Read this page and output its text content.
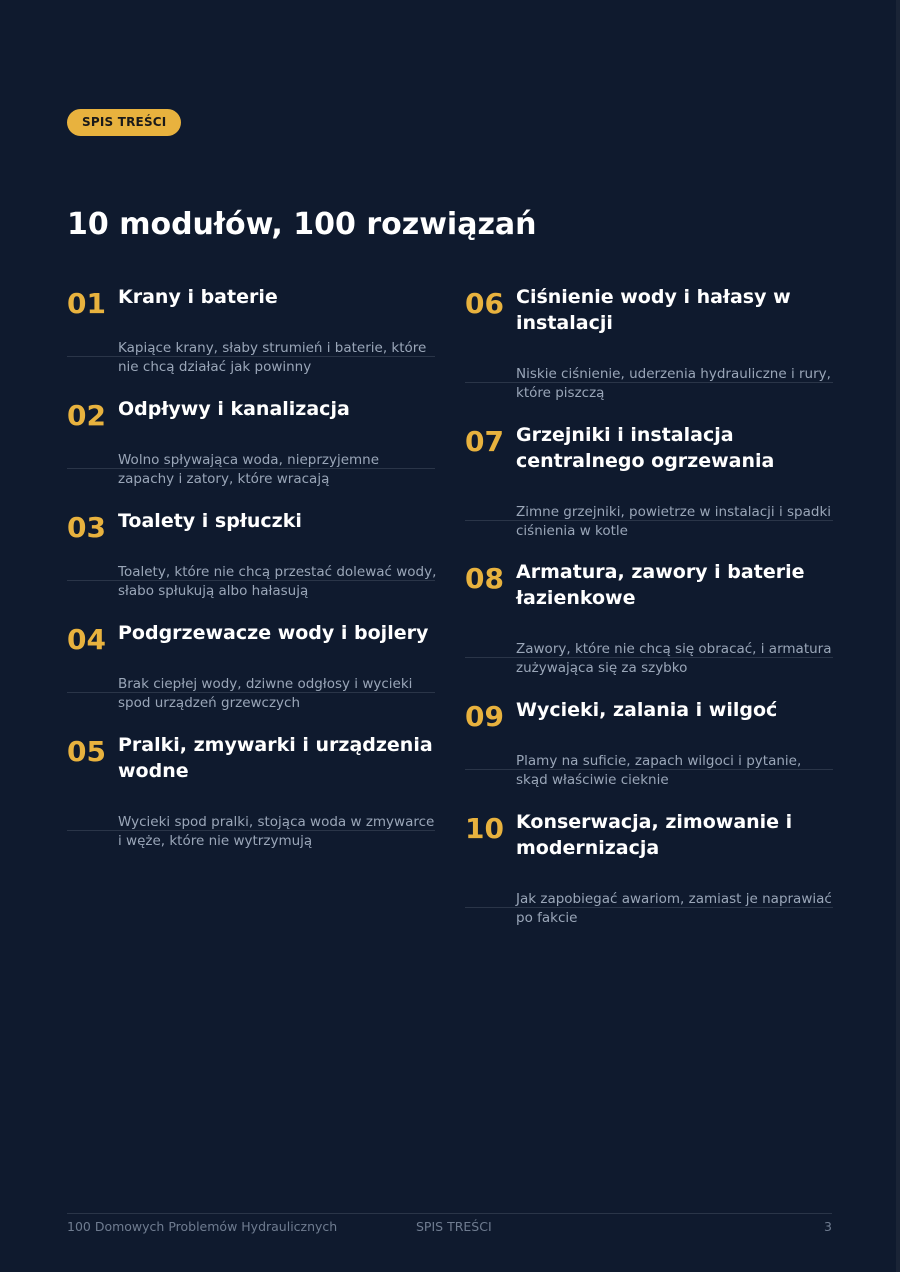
SPIS TREŚCI
10 modułów, 100 rozwiązań
01 Krany i baterie
Kapiące krany, słaby strumień i baterie, które nie chcą działać jak powinny
02 Odpływy i kanalizacja
Wolno spływająca woda, nieprzyjemne zapachy i zatory, które wracają
03 Toalety i spłuczki
Toalety, które nie chcą przestać dolewać wody, słabo spłukują albo hałasują
04 Podgrzewacze wody i bojlery
Brak ciepłej wody, dziwne odgłosy i wycieki spod urządzeń grzewczych
05 Pralki, zmywarki i urządzenia wodne
Wycieki spod pralki, stojąca woda w zmywarce i węże, które nie wytrzymują
06 Ciśnienie wody i hałasy w instalacji
Niskie ciśnienie, uderzenia hydrauliczne i rury, które piszczą
07 Grzejniki i instalacja centralnego ogrzewania
Zimne grzejniki, powietrze w instalacji i spadki ciśnienia w kotle
08 Armatura, zawory i baterie łazienkowe
Zawory, które nie chcą się obracać, i armatura zużywająca się za szybko
09 Wycieki, zalania i wilgoć
Plamy na suficie, zapach wilgoci i pytanie, skąd właściwie cieknie
10 Konserwacja, zimowanie i modernizacja
Jak zapobiegać awariom, zamiast je naprawiać po fakcie
100 Domowych Problemów Hydraulicznych	SPIS TREŚCI	3
